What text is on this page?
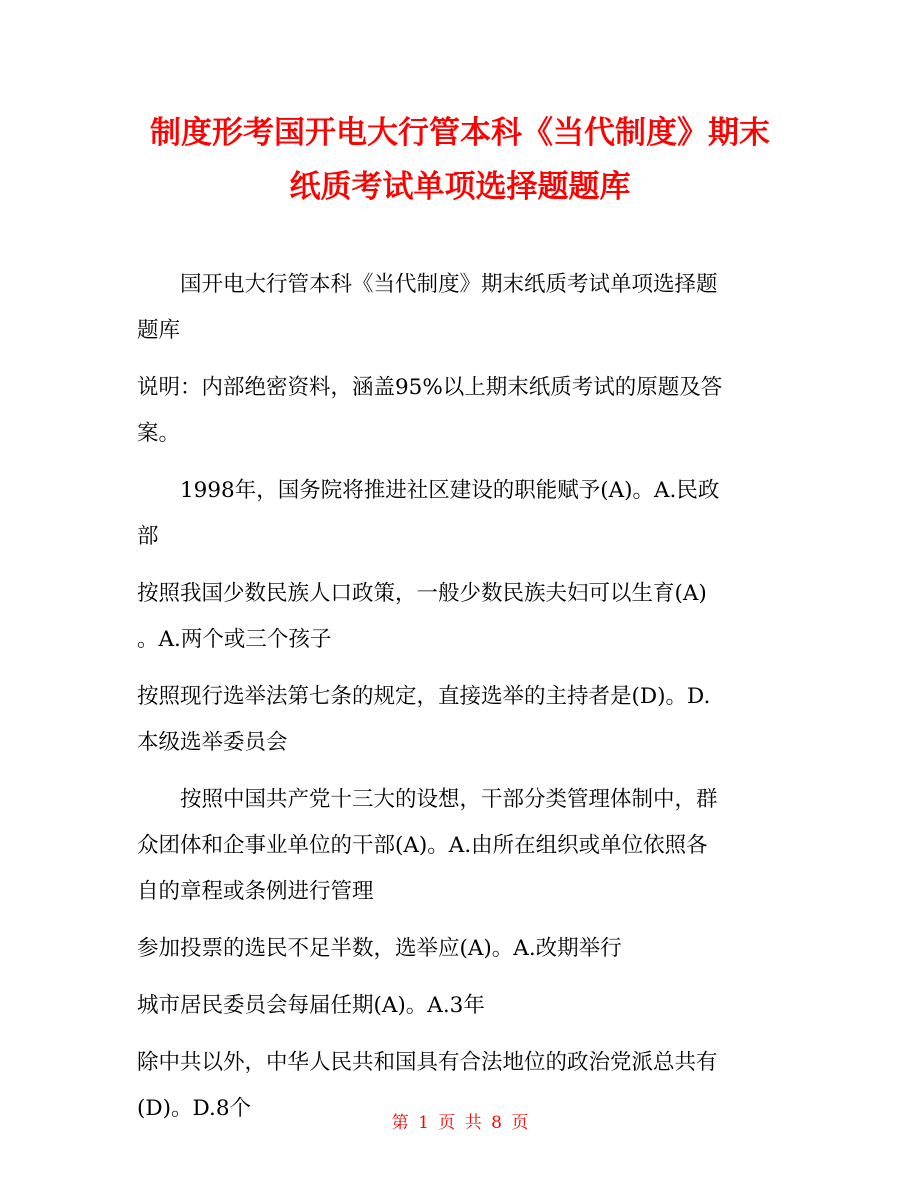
制度形考国开电大行管本科《当代制度》期末
纸质考试单项选择题题库
国开电大行管本科《当代制度》期末纸质考试单项选择题
题库
说明：内部绝密资料，涵盖95%以上期末纸质考试的原题及答
案。
1998年，国务院将推进社区建设的职能赋予(A)。A.民政
部
按照我国少数民族人口政策，一般少数民族夫妇可以生育(A)
。A.两个或三个孩子
按照现行选举法第七条的规定，直接选举的主持者是(D)。D.
本级选举委员会
按照中国共产党十三大的设想，干部分类管理体制中，群
众团体和企事业单位的干部(A)。A.由所在组织或单位依照各
自的章程或条例进行管理
参加投票的选民不足半数，选举应(A)。A.改期举行
城市居民委员会每届任期(A)。A.3年
除中共以外，中华人民共和国具有合法地位的政治党派总共有
(D)。D.8个
第 1 页 共 8 页
